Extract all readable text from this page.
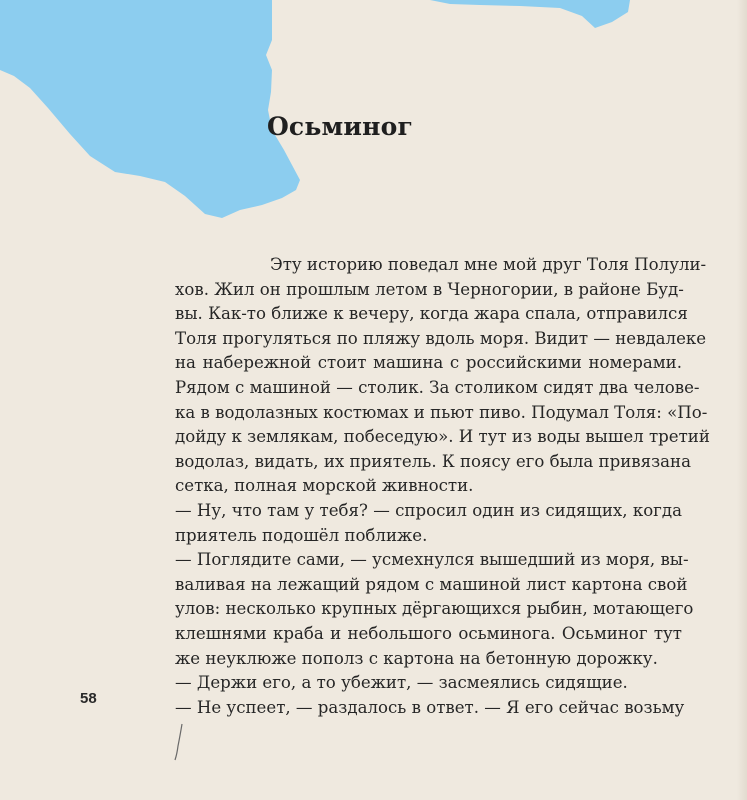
Осьминог
Эту историю поведал мне мой друг Толя Полули-
хов. Жил он прошлым летом в Черногории, в районе Буд-
вы. Как-то ближе к вечеру, когда жара спала, отправился
Толя прогуляться по пляжу вдоль моря. Видит — невдалеке
на набережной стоит машина с российскими номерами.
Рядом с машиной — столик. За столиком сидят два челове-
ка в водолазных костюмах и пьют пиво. Подумал Толя: «По-
дойду к землякам, побеседую». И тут из воды вышел третий
водолаз, видать, их приятель. К поясу его была привязана
сетка, полная морской живности.
— Ну, что там у тебя? — спросил один из сидящих, когда
приятель подошёл поближе.
— Поглядите сами, — усмехнулся вышедший из моря, вы-
валивая на лежащий рядом с машиной лист картона свой
улов: несколько крупных дёргающихся рыбин, мотающего
клешнями краба и небольшого осьминога. Осьминог тут
же неуклюже пополз с картона на бетонную дорожку.
— Держи его, а то убежит, — засмеялись сидящие.
— Не успеет, — раздалось в ответ. — Я его сейчас возьму
58
